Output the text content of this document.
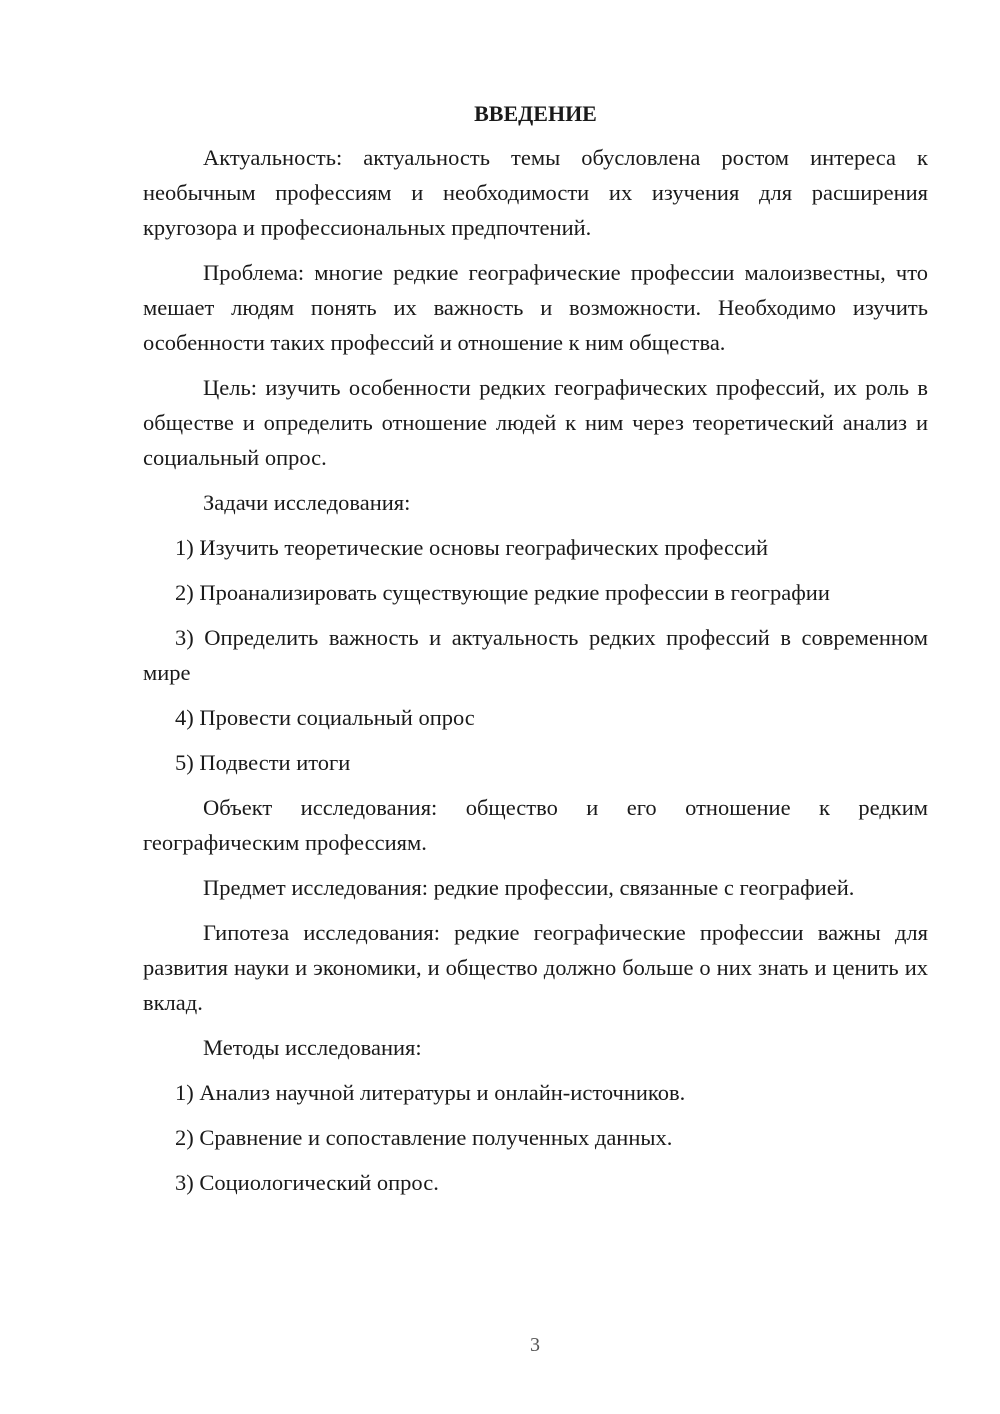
ВВЕДЕНИЕ

Актуальность: актуальность темы обусловлена ростом интереса к необычным профессиям и необходимости их изучения для расширения кругозора и профессиональных предпочтений.

Проблема: многие редкие географические профессии малоизвестны, что мешает людям понять их важность и возможности. Необходимо изучить особенности таких профессий и отношение к ним общества.

Цель: изучить особенности редких географических профессий, их роль в обществе и определить отношение людей к ним через теоретический анализ и социальный опрос.

Задачи исследования:

1) Изучить теоретические основы географических профессий
2) Проанализировать существующие редкие профессии в географии
3) Определить важность и актуальность редких профессий в современном мире
4) Провести социальный опрос
5) Подвести итоги

Объект исследования: общество и его отношение к редким географическим профессиям.

Предмет исследования: редкие профессии, связанные с географией.

Гипотеза исследования: редкие географические профессии важны для развития науки и экономики, и общество должно больше о них знать и ценить их вклад.

Методы исследования:

1) Анализ научной литературы и онлайн-источников.
2) Сравнение и сопоставление полученных данных.
3) Социологический опрос.
3
